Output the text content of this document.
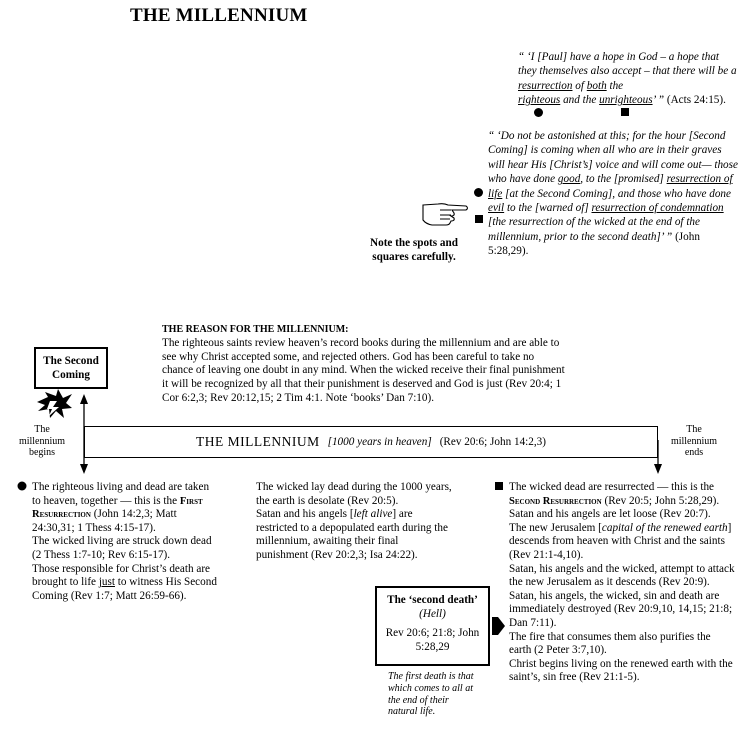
THE MILLENNIUM
“ ‘I [Paul] have a hope in God – a hope that they themselves also accept – that there will be a resurrection of both the
righteous and the unrighteous’ ” (Acts 24:15).
“ ‘Do not be astonished at this; for the hour [Second Coming] is coming when all who are in their graves will hear His [Christ’s] voice and will come out— those who have done good, to the [promised] resurrection of life [at the Second Coming], and those who have done evil to the [warned of] resurrection of condemnation [the resurrection of the wicked at the end of the millennium, prior to the second death]’ ” (John 5:28,29).
Note the spots and squares carefully.
THE REASON FOR THE MILLENNIUM:
The righteous saints review heaven’s record books during the millennium and are able to see why Christ accepted some, and rejected others. God has been careful to take no chance of leaving one doubt in any mind. When the wicked receive their final punishment it will be recognized by all that their punishment is deserved and God is just (Rev 20:4; 1 Cor 6:2,3; Rev 20:12,15; 2 Tim 4:1. Note ‘books’ Dan 7:10).
The Second Coming
The millennium begins
The millennium ends
THE MILLENNIUM [1000 years in heaven] (Rev 20:6; John 14:2,3)
The righteous living and dead are taken to heaven, together — this is the First Resurrection (John 14:2,3; Matt 24:30,31; 1 Thess 4:15-17).
The wicked living are struck down dead (2 Thess 1:7-10; Rev 6:15-17).
Those responsible for Christ’s death are brought to life just to witness His Second Coming (Rev 1:7; Matt 26:59-66).
The wicked lay dead during the 1000 years, the earth is desolate (Rev 20:5).
Satan and his angels [left alive] are restricted to a depopulated earth during the millennium, awaiting their final punishment (Rev 20:2,3; Isa 24:22).
The wicked dead are resurrected — this is the Second Resurrection (Rev 20:5; John 5:28,29).
Satan and his angels are let loose (Rev 20:7).
The new Jerusalem [capital of the renewed earth] descends from heaven with Christ and the saints (Rev 21:1-4,10).
Satan, his angels and the wicked, attempt to attack the new Jerusalem as it descends (Rev 20:9).
Satan, his angels, the wicked, sin and death are immediately destroyed (Rev 20:9,10, 14,15; 21:8; Dan 7:11).
The fire that consumes them also purifies the earth (2 Peter 3:7,10).
Christ begins living on the renewed earth with the saint’s, sin free (Rev 21:1-5).
The ‘second death’
(Hell)
Rev 20:6; 21:8; John 5:28,29
The first death is that which comes to all at the end of their natural life.
